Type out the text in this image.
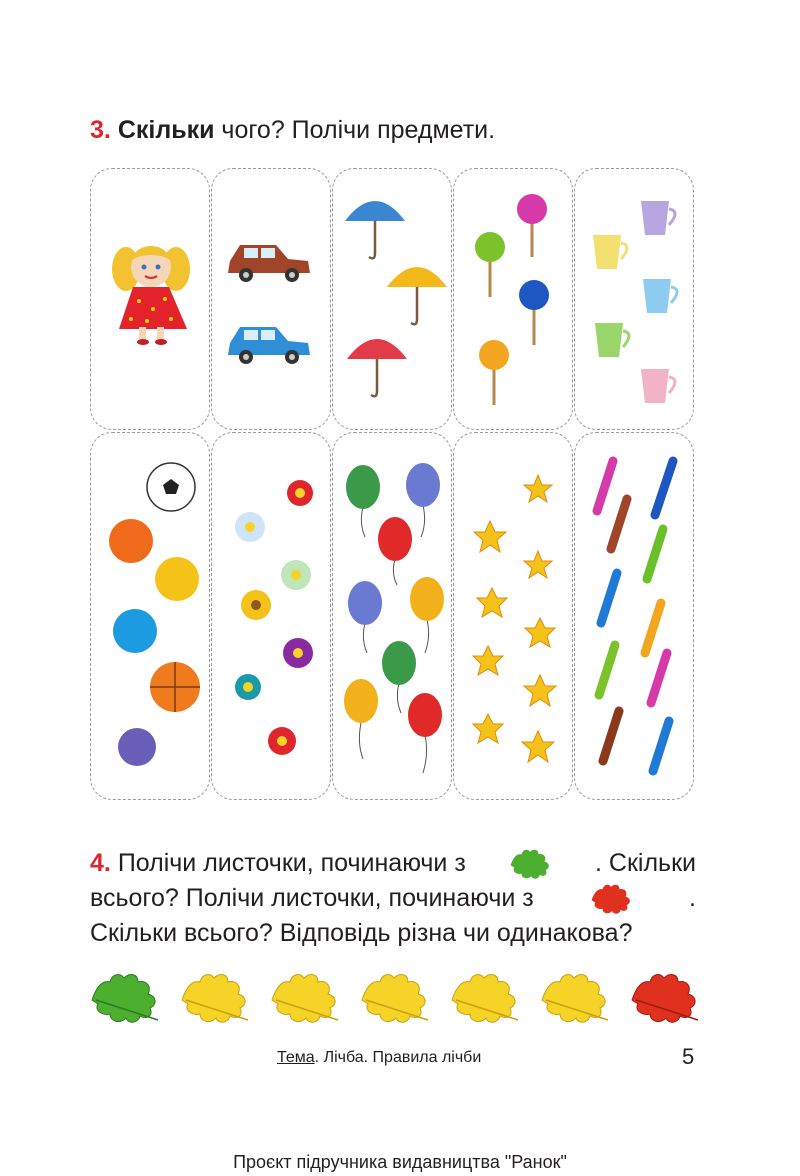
3. Скільки чого? Полічи предмети.
4. Полічи листочки, починаючи з	. Скільки
всього? Полічи листочки, починаючи з	.
Скільки всього? Відповідь різна чи одинакова?
Тема. Лічба. Правила лічби	5
Проєкт підручника видавництва "Ранок"
